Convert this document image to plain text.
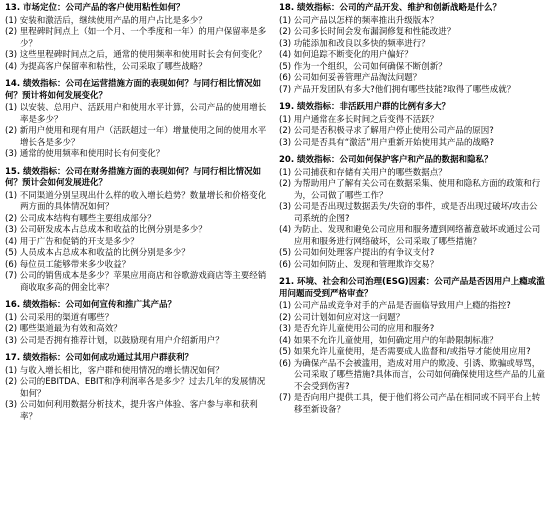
13. 市场定位：公司产品的客户使用粘性如何？
(1) 安装和激活后，继续使用产品的用户占比是多少？
(2) 里程碑时间点上（如一个月、一个季度和一年）的用户保留率是多少？
(3) 这些里程碑时间点之后，通常的使用频率和使用时长会有何变化？
(4) 为提高客户保留率和粘性，公司采取了哪些战略？
14. 绩效指标：公司在运营措施方面的表现如何？与同行相比情况如何？预计将如何发展变化？
(1) 以安装、总用户、活跃用户和使用水平计算，公司产品的使用增长率是多少？
(2) 新用户使用和现有用户（活跃超过一年）增量使用之间的使用水平增长各是多少？
(3) 通常的使用频率和使用时长有何变化？
15. 绩效指标：公司在财务措施方面的表现如何？与同行相比情况如何？预计会如何发展进化？
(1) 不同渠道分别呈现出什么样的收入增长趋势？数量增长和价格变化两方面的具体情况如何？
(2) 公司成本结构有哪些主要组成部分？
(3) 公司研发成本占总成本和收益的比例分别是多少？
(4) 用于广告和促销的开支是多少？
(5) 人员成本占总成本和收益的比例分别是多少？
(6) 每位员工能够带来多少收益？
(7) 公司的销售成本是多少？苹果应用商店和谷歌游戏商店等主要经销商收取多高的佣金比率？
16. 绩效指标：公司如何宣传和推广其产品？
(1) 公司采用的渠道有哪些？
(2) 哪些渠道最为有效和高效？
(3) 公司是否拥有推荐计划，以鼓励现有用户介绍新用户？
17. 绩效指标：公司如何成功通过其用户群获利？
(1) 与收入增长相比，客户群和使用情况的增长情况如何？
(2) 公司的EBITDA、EBIT和净利润率各是多少？过去几年的发展情况如何？
(3) 公司如何利用数据分析技术，提升客户体验、客户参与率和获利率？
18. 绩效指标：公司的产品开发、维护和创新战略是什么？
(1) 公司产品以怎样的频率推出升级版本？
(2) 公司多长时间会发布漏洞修复和性能改进？
(3) 功能添加和改良以多快的频率进行？
(4) 如何追踪不断变化的用户偏好？
(5) 作为一个组织，公司如何确保不断创新？
(6) 公司如何妥善管理产品淘汰问题？
(7) 产品开发团队有多大?他们拥有哪些技能?取得了哪些成就？
19. 绩效指标：非活跃用户群的比例有多大？
(1) 用户通常在多长时间之后变得不活跃？
(2) 公司是否积极寻求了解用户停止使用公司产品的原因?
(3) 公司是否具有“激活”用户重新开始使用其产品的战略?
20. 绩效指标：公司如何保护客户和产品的数据和隐私？
(1) 公司捕获和存储有关用户的哪些数据点？
(2) 为帮助用户了解有关公司在数据采集、使用和隐私方面的政策和行为，公司做了哪些工作？
(3) 公司是否出现过数据丢失/失窃的事件，或是否出现过破坏/攻击公司系统的企图?
(4) 为防止、发现和避免公司应用和服务遭到网络蓄意破坏或通过公司应用和服务进行网络破坏，公司采取了哪些措施？
(5) 公司如何处理客户提出的有争议支付?
(6) 公司如何防止、发现和管理欺诈交易？
21. 环境、社会和公司治理(ESG)因素：公司产品是否因用户上瘾或滥用问题而受到严格审查？
(1) 公司产品或竞争对手的产品是否面临导致用户上瘾的指控?
(2) 公司计划如何应对这一问题？
(3) 是否允许儿童使用公司的应用和服务?
(4) 如果不允许儿童使用，如何确定用户的年龄限制标准？
(5) 如果允许儿童使用，是否需要成人监督和/或指导才能使用应用?
(6) 为确保产品不会被滥用，造成对用户的欺凌、引诱、欺骗或辱骂，公司采取了哪些措施?具体而言，公司如何确保使用这些产品的儿童不会受到伤害?
(7) 是否向用户提供工具，便于他们将公司产品在相同或不同平台上转移至新设备？
